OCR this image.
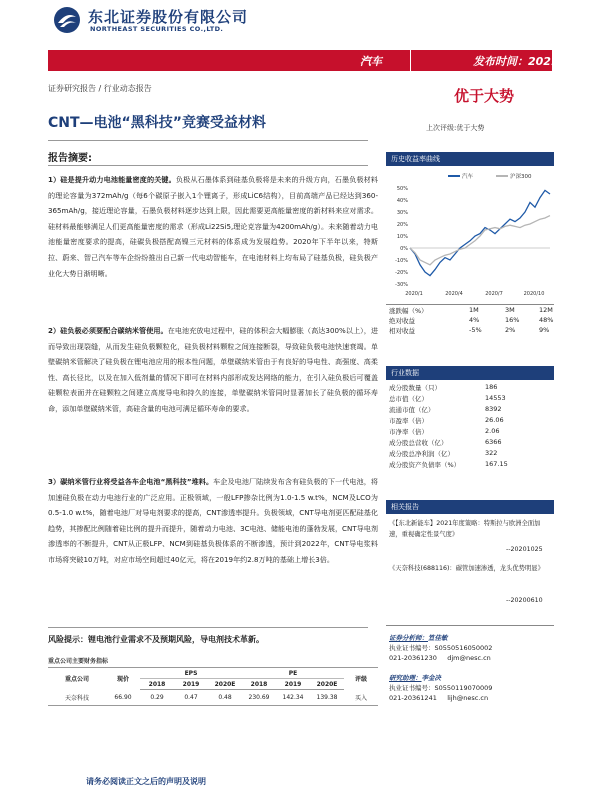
东北证券股份有限公司
NORTHEAST SECURITIES CO.,LTD.
汽车	发布时间：2021-01-20
证券研究报告 / 行业动态报告	优于大势
CNT—电池“黑科技”竞赛受益材料	上次评级:优于大势
报告摘要:
1）硅是提升动力电池能量密度的关键。负极从石墨体系到硅基负极将是未来的升级方向，石墨负极材料的理论容量为372mAh/g（每6个碳原子嵌入1个锂离子，形成LiC6结构），目前高端产品已经达到360-365mAh/g，接近理论容量，石墨负极材料逐步达到上限，因此需要更高能量密度的新材料来应对需求。硅材料最能够满足人们更高能量密度的需求（形成Li22Si5,理论克容量为4200mAh/g）。未来随着动力电池能量密度要求的提高，硅碳负极搭配高镍三元材料的体系成为发展趋势。2020年下半年以来，特斯拉、蔚来、智己汽车等车企纷纷推出自己新一代电动智能车，在电池材料上均布局了硅基负极，硅负极产业化大势日渐明晰。
2）硅负极必须要配合碳纳米管使用。在电池充放电过程中，硅的体积会大幅膨胀（高达300%以上），进而导致出现裂缝，从而发生硅负极颗粒化，硅负极材料颗粒之间连接断裂，导致硅负极电池快速衰竭。单壁碳纳米管解决了硅负极在锂电池应用的根本性问题，单壁碳纳米管由于有良好的导电性、高强度、高柔性、高长径比，以及在加入低剂量的情况下即可在材料内部形成发达网络的能力，在引入硅负极后可覆盖硅颗粒表面并在硅颗粒之间建立高度导电和持久的连接，单壁碳纳米管同时显著加长了硅负极的循环寿命，添加单壁碳纳米管，高硅含量的电池可满足循环寿命的要求。
3）碳纳米管行业将受益各车企电池“黑科技”堆料。车企及电池厂陆续发布含有硅负极的下一代电池，将加速硅负极在动力电池行业的广泛应用。正极领域，一般LFP掺杂比例为1.0-1.5 w.t%，NCM及LCO为0.5-1.0 w.t%，随着电池厂对导电剂要求的提高，CNT渗透率提升。负极领域，CNT导电剂更匹配硅基化趋势，其掺配比例随着硅比例的提升而提升，随着动力电池、3C电池、储能电池的蓬勃发展，CNT导电剂渗透率的不断提升，CNT从正极LFP、NCM到硅基负极体系的不断渗透，预计到2022年，CNT导电浆料市场将突破10万吨，对应市场空间超过40亿元，将在2019年约2.8万吨的基础上增长3倍。
风险提示：锂电池行业需求不及预期风险，导电剂技术革新。
重点公司主要财务指标
重点公司	现价	EPS			PE			评级
		2018	2019	2020E	2018	2019	2020E	
天奈科技	66.90	0.29	0.47	0.48	230.69	142.34	139.38	买入
请务必阅读正文之后的声明及说明
历史收益率曲线
-30%
-20%
-10%
0%
10%
20%
30%
40%
50%
2020/1	2020/4	2020/7	2020/10
汽车	沪深300
涨跌幅（%）	1M	3M	12M
绝对收益	4%	16%	48%
相对收益	-5%	2%	9%
行业数据
成分股数量（只）	186
总市值（亿）	14553
流通市值（亿）	8392
市盈率（倍）	26.06
市净率（倍）	2.06
成分股总营收（亿）	6366
成分股总净利润（亿）	322
成分股资产负债率（%）	167.15
相关报告
《【东北新能车】2021年度策略：特斯拉与欧洲全面加速，重视确定性景气度》
--20201025
《天奈科技(688116)：碳管加速渗透，龙头优势明显》
--20200610
证券分析师：笪佳敏
执业证书编号：S0550516050002
021-20361230 djm@nesc.cn
研究助理：李金决
执业证书编号：S0550119070009
021-20361241 lijh@nesc.cn
